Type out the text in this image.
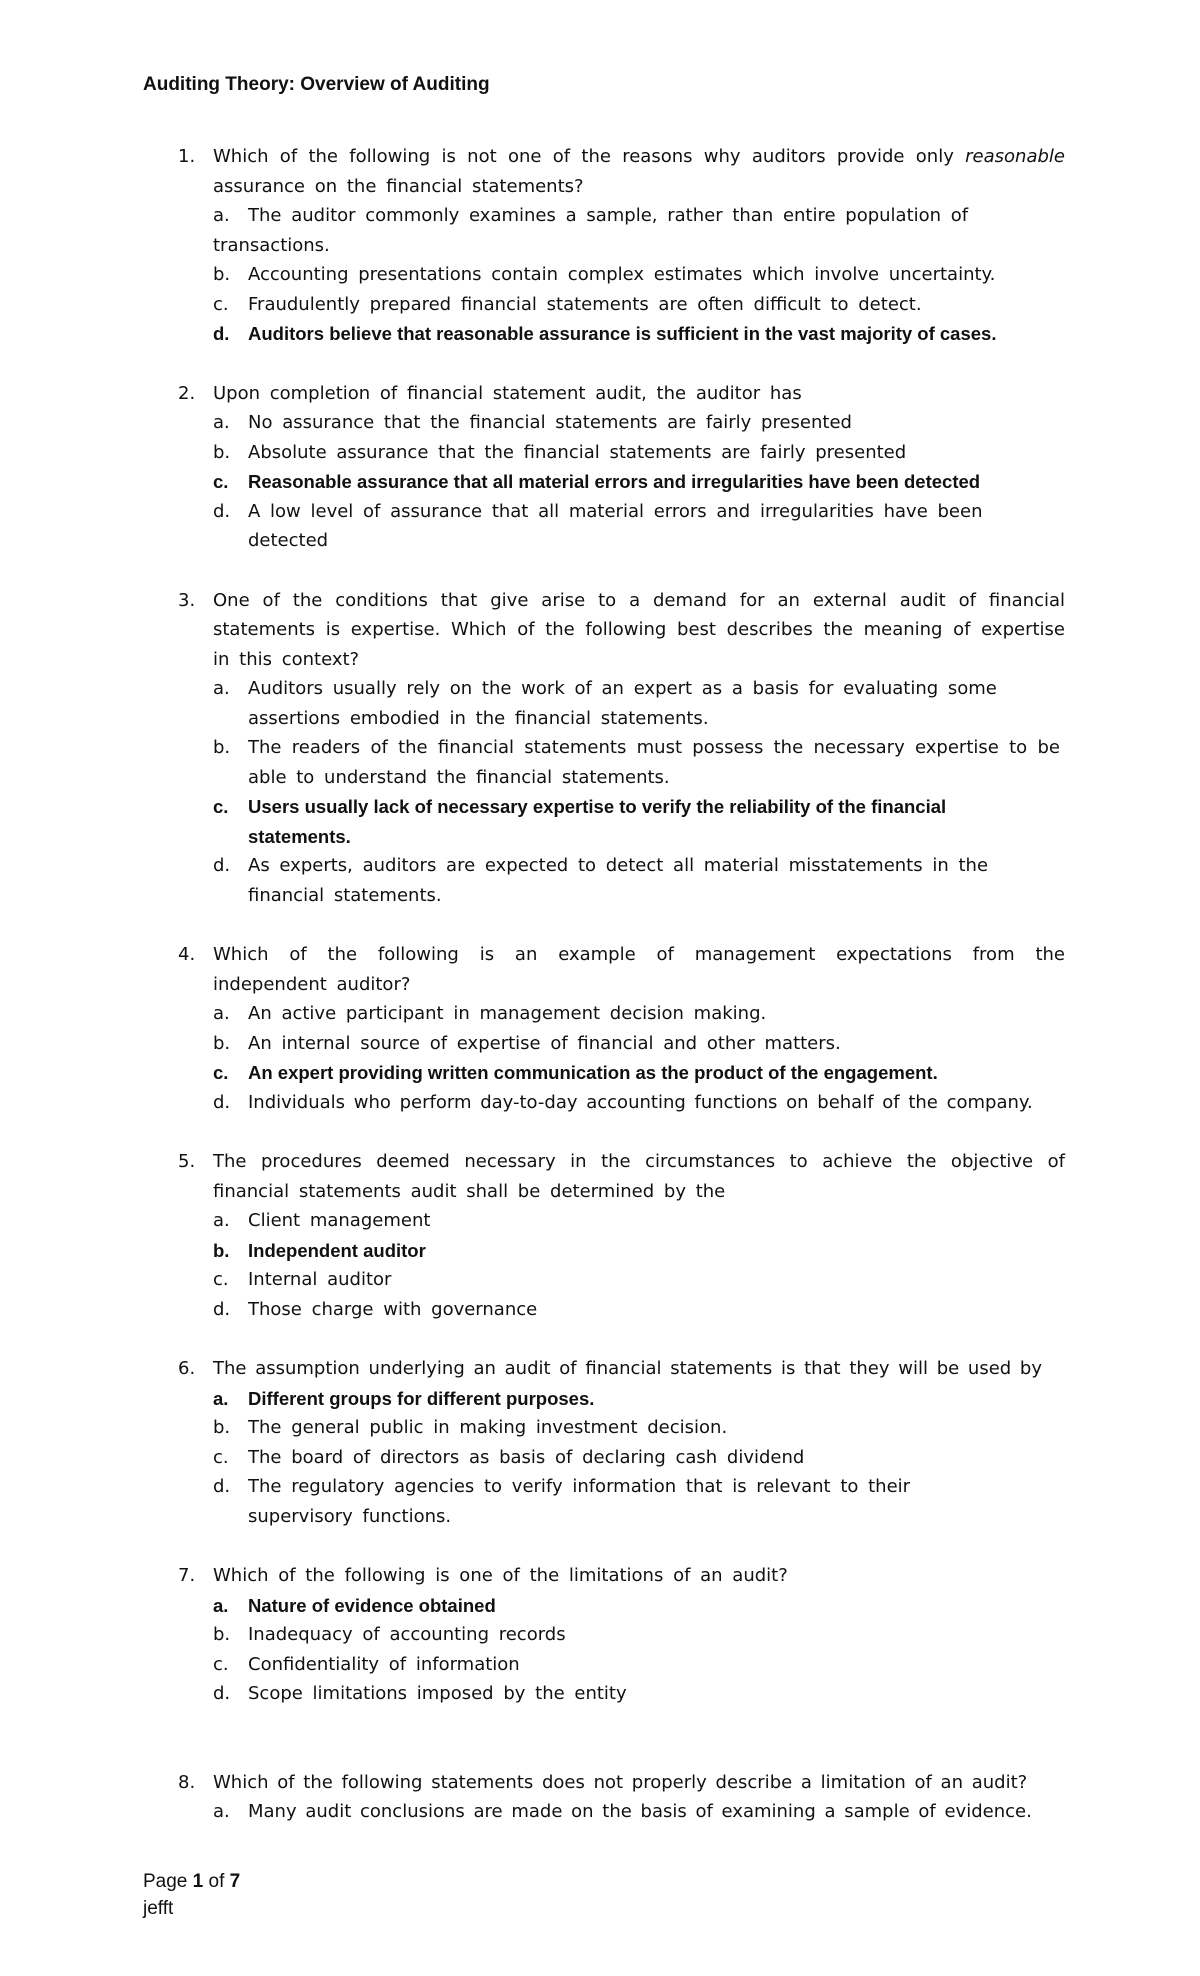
Auditing Theory: Overview of Auditing
1. Which of the following is not one of the reasons why auditors provide only reasonable assurance on the financial statements?
a.	The auditor commonly examines a sample, rather than entire population of transactions.
b. Accounting presentations contain complex estimates which involve uncertainty.
c. Fraudulently prepared financial statements are often difficult to detect.
d. Auditors believe that reasonable assurance is sufficient in the vast majority of cases.
2. Upon completion of financial statement audit, the auditor has
a. No assurance that the financial statements are fairly presented
b. Absolute assurance that the financial statements are fairly presented
c. Reasonable assurance that all material errors and irregularities have been detected
d. A low level of assurance that all material errors and irregularities have been detected
3. One of the conditions that give arise to a demand for an external audit of financial statements is expertise. Which of the following best describes the meaning of expertise in this context?
a. Auditors usually rely on the work of an expert as a basis for evaluating some assertions embodied in the financial statements.
b. The readers of the financial statements must possess the necessary expertise to be able to understand the financial statements.
c. Users usually lack of necessary expertise to verify the reliability of the financial statements.
d. As experts, auditors are expected to detect all material misstatements in the financial statements.
4. Which of the following is an example of management expectations from the independent auditor?
a. An active participant in management decision making.
b. An internal source of expertise of financial and other matters.
c. An expert providing written communication as the product of the engagement.
d. Individuals who perform day-to-day accounting functions on behalf of the company.
5. The procedures deemed necessary in the circumstances to achieve the objective of financial statements audit shall be determined by the
a. Client management
b. Independent auditor
c. Internal auditor
d. Those charge with governance
6. The assumption underlying an audit of financial statements is that they will be used by
a. Different groups for different purposes.
b. The general public in making investment decision.
c. The board of directors as basis of declaring cash dividend
d. The regulatory agencies to verify information that is relevant to their supervisory functions.
7. Which of the following is one of the limitations of an audit?
a. Nature of evidence obtained
b. Inadequacy of accounting records
c. Confidentiality of information
d. Scope limitations imposed by the entity
8. Which of the following statements does not properly describe a limitation of an audit?
a. Many audit conclusions are made on the basis of examining a sample of evidence.
Page 1 of 7
jefft
